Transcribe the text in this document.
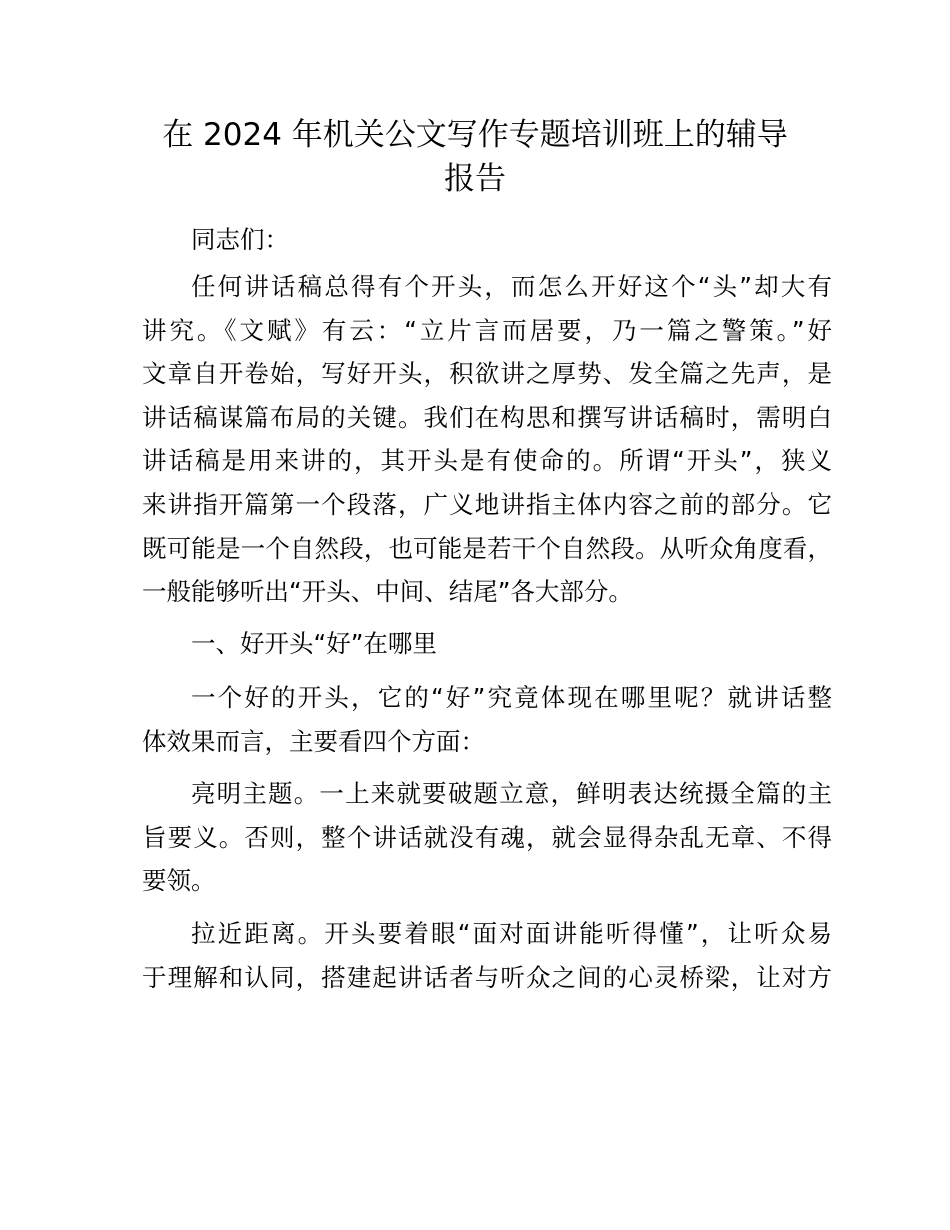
在 2024 年机关公文写作专题培训班上的辅导
报告

同志们：

任何讲话稿总得有个开头，而怎么开好这个“头”却大有
讲究。《文赋》有云：“立片言而居要，乃一篇之警策。”好
文章自开卷始，写好开头，积欲讲之厚势、发全篇之先声，是
讲话稿谋篇布局的关键。我们在构思和撰写讲话稿时，需明白
讲话稿是用来讲的，其开头是有使命的。所谓“开头”，狭义
来讲指开篇第一个段落，广义地讲指主体内容之前的部分。它
既可能是一个自然段，也可能是若干个自然段。从听众角度看，
一般能够听出“开头、中间、结尾”各大部分。

一、好开头“好”在哪里

一个好的开头，它的“好”究竟体现在哪里呢？就讲话整
体效果而言，主要看四个方面：

亮明主题。一上来就要破题立意，鲜明表达统摄全篇的主
旨要义。否则，整个讲话就没有魂，就会显得杂乱无章、不得
要领。

拉近距离。开头要着眼“面对面讲能听得懂”，让听众易
于理解和认同，搭建起讲话者与听众之间的心灵桥梁，让对方
